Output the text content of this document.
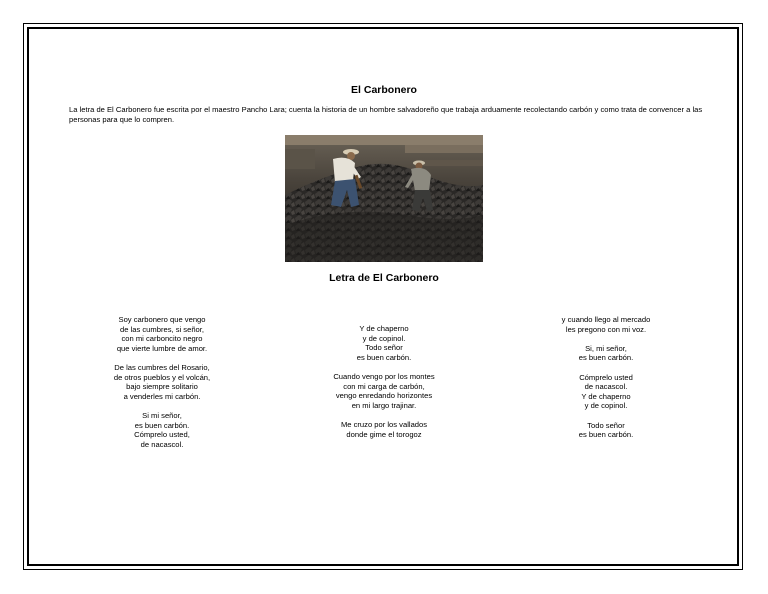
El Carbonero
La letra de El Carbonero fue escrita por el maestro Pancho Lara; cuenta la historia de un hombre salvadoreño que trabaja arduamente recolectando carbón y como trata de convencer a las personas para que lo compren.
Letra de El Carbonero

Soy carbonero que vengo
de las cumbres, si señor,
con mi carboncito negro
que vierte lumbre de amor.

De las cumbres del Rosario,
de otros pueblos y el volcán,
bajo siempre solitario
a venderles mi carbón.

Si mi señor,
es buen carbón.
Cómprelo usted,
de nacascol.

Y de chaperno
y de copinol.
Todo señor
es buen carbón.

Cuando vengo por los montes
con mi carga de carbón,
vengo enredando horizontes
en mi largo trajinar.

Me cruzo por los vallados
donde gime el torogoz

y cuando llego al mercado
les pregono con mi voz.

Si, mi señor,
es buen carbón.

Cómprelo usted
de nacascol.
Y de chaperno
y de copinol.

Todo señor
es buen carbón.
